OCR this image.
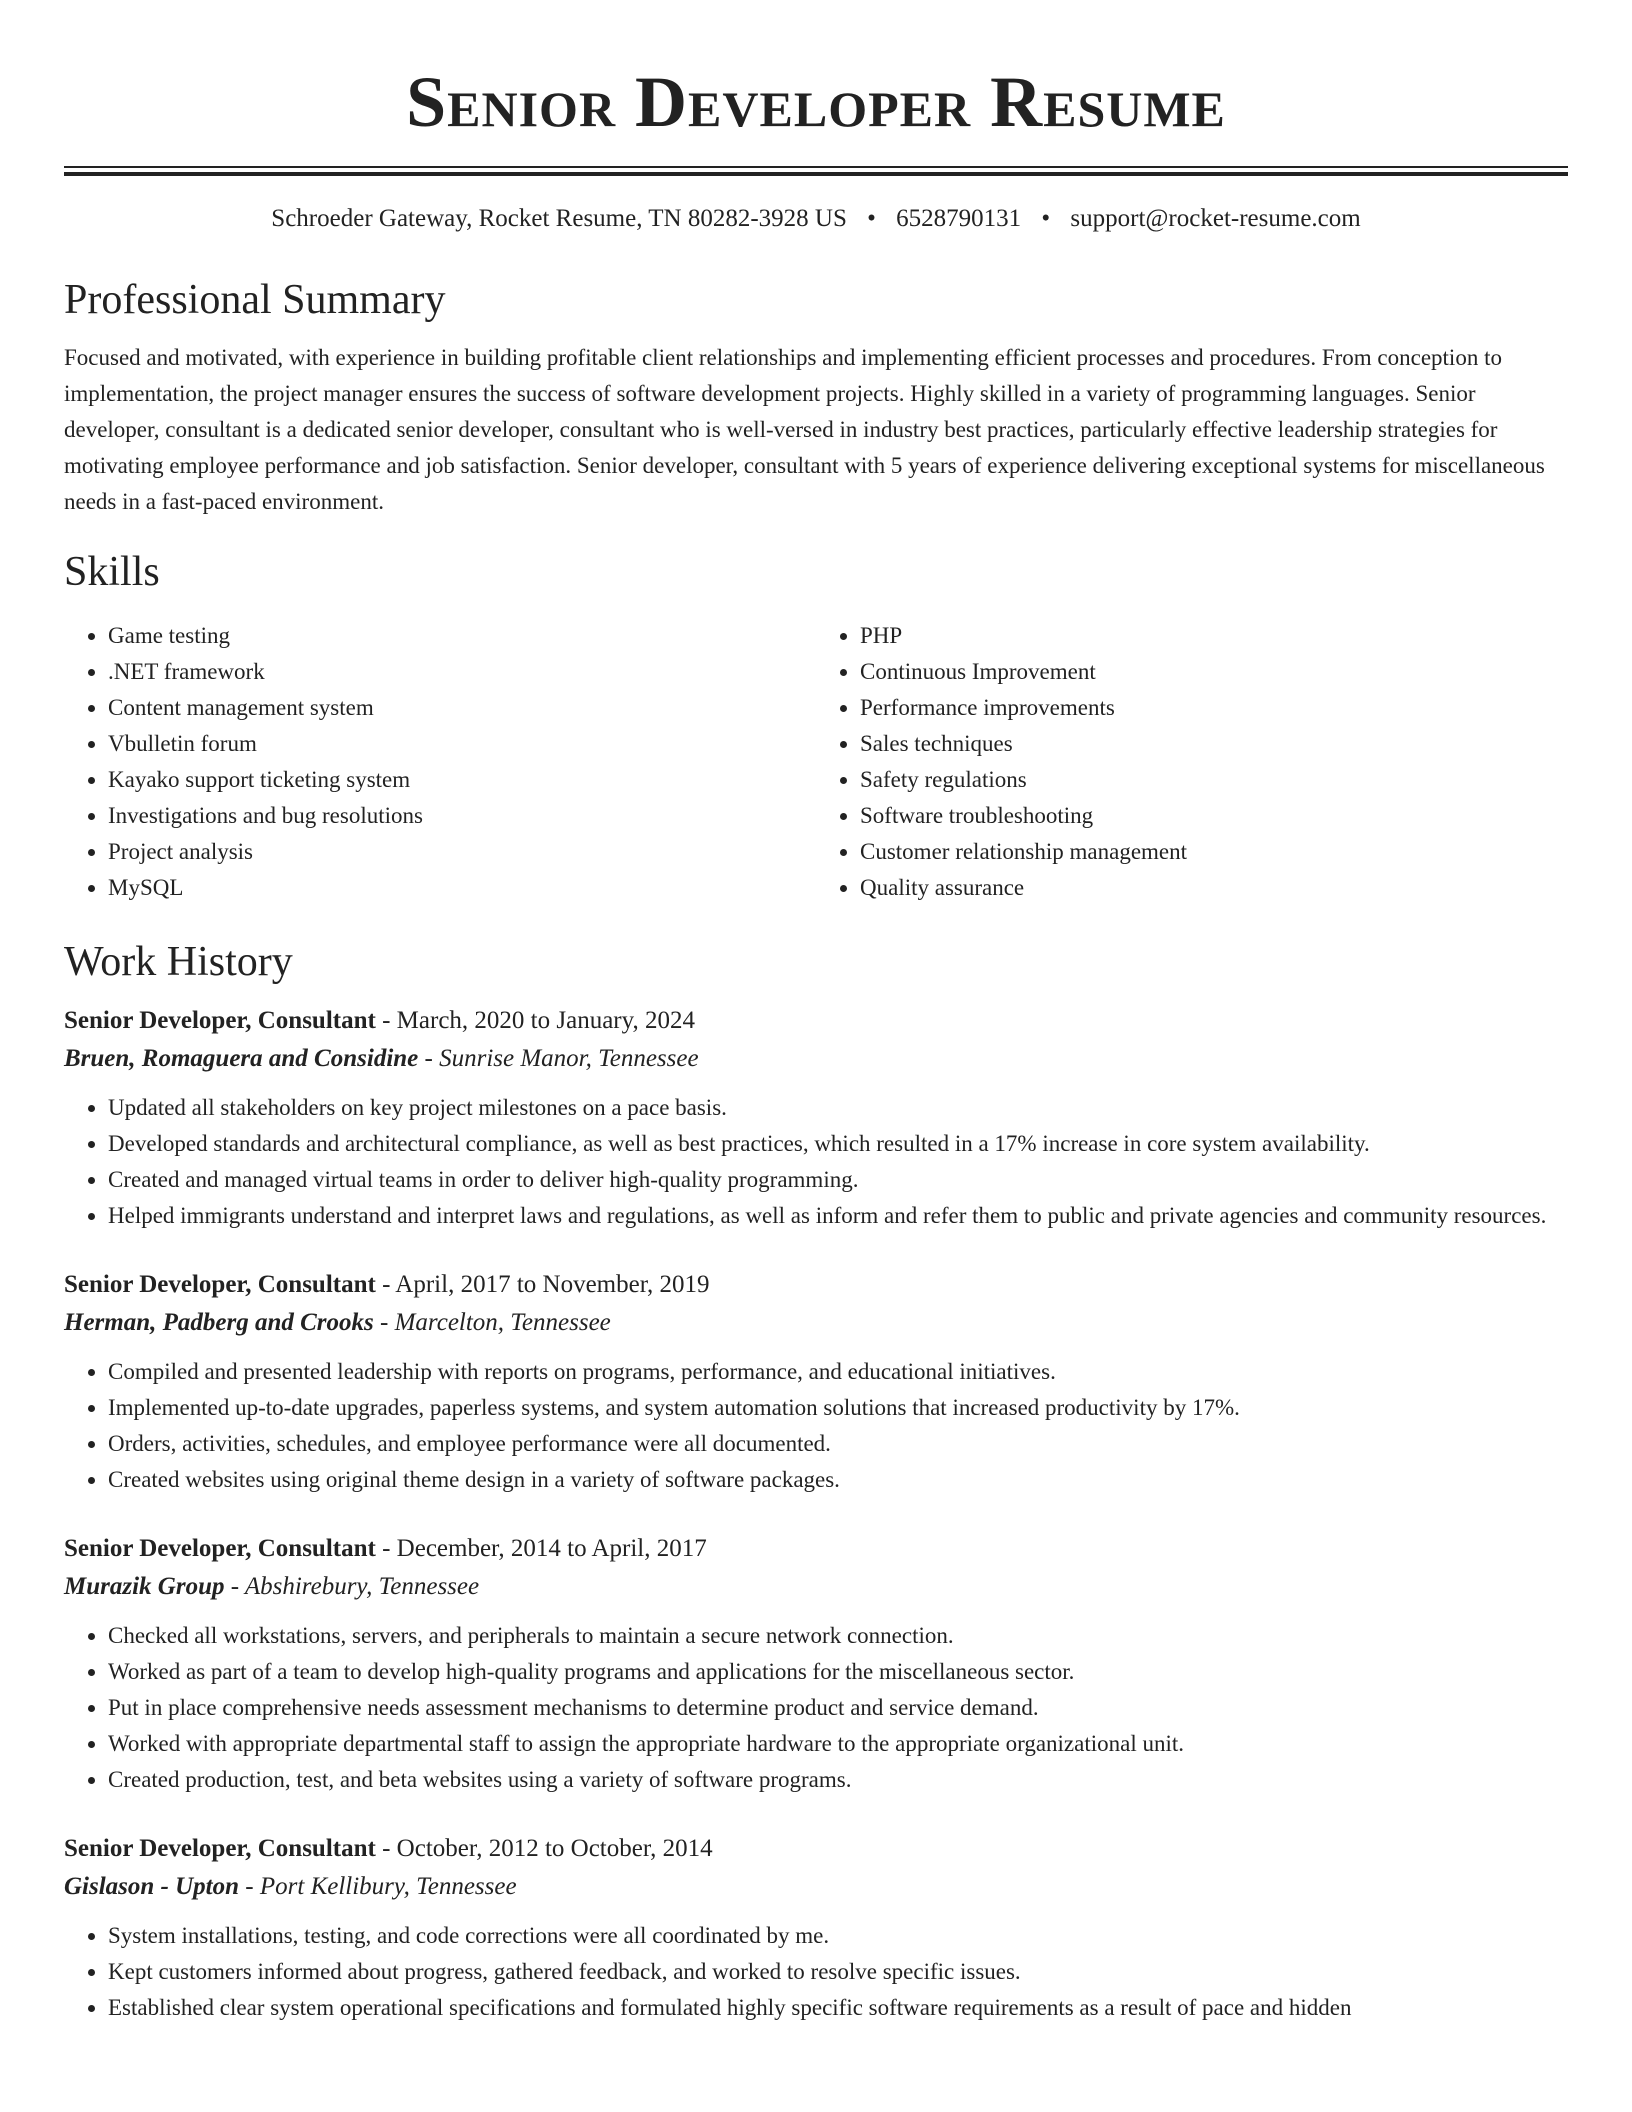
Senior Developer Resume
Schroeder Gateway, Rocket Resume, TN 80282-3928 US • 6528790131 • support@rocket-resume.com
Professional Summary

Focused and motivated, with experience in building profitable client relationships and implementing efficient processes and procedures. From conception to implementation, the project manager ensures the success of software development projects. Highly skilled in a variety of programming languages. Senior developer, consultant is a dedicated senior developer, consultant who is well-versed in industry best practices, particularly effective leadership strategies for motivating employee performance and job satisfaction. Senior developer, consultant with 5 years of experience delivering exceptional systems for miscellaneous needs in a fast-paced environment.

Skills
• Game testing
• .NET framework
• Content management system
• Vbulletin forum
• Kayako support ticketing system
• Investigations and bug resolutions
• Project analysis
• MySQL
• PHP
• Continuous Improvement
• Performance improvements
• Sales techniques
• Safety regulations
• Software troubleshooting
• Customer relationship management
• Quality assurance
Work History
Senior Developer, Consultant - March, 2020 to January, 2024
Bruen, Romaguera and Considine - Sunrise Manor, Tennessee
• Updated all stakeholders on key project milestones on a pace basis.
• Developed standards and architectural compliance, as well as best practices, which resulted in a 17% increase in core system availability.
• Created and managed virtual teams in order to deliver high-quality programming.
• Helped immigrants understand and interpret laws and regulations, as well as inform and refer them to public and private agencies and community resources.
Senior Developer, Consultant - April, 2017 to November, 2019
Herman, Padberg and Crooks - Marcelton, Tennessee
• Compiled and presented leadership with reports on programs, performance, and educational initiatives.
• Implemented up-to-date upgrades, paperless systems, and system automation solutions that increased productivity by 17%.
• Orders, activities, schedules, and employee performance were all documented.
• Created websites using original theme design in a variety of software packages.
Senior Developer, Consultant - December, 2014 to April, 2017
Murazik Group - Abshirebury, Tennessee
• Checked all workstations, servers, and peripherals to maintain a secure network connection.
• Worked as part of a team to develop high-quality programs and applications for the miscellaneous sector.
• Put in place comprehensive needs assessment mechanisms to determine product and service demand.
• Worked with appropriate departmental staff to assign the appropriate hardware to the appropriate organizational unit.
• Created production, test, and beta websites using a variety of software programs.
Senior Developer, Consultant - October, 2012 to October, 2014
Gislason - Upton - Port Kellibury, Tennessee
• System installations, testing, and code corrections were all coordinated by me.
• Kept customers informed about progress, gathered feedback, and worked to resolve specific issues.
• Established clear system operational specifications and formulated highly specific software requirements as a result of pace and hidden
